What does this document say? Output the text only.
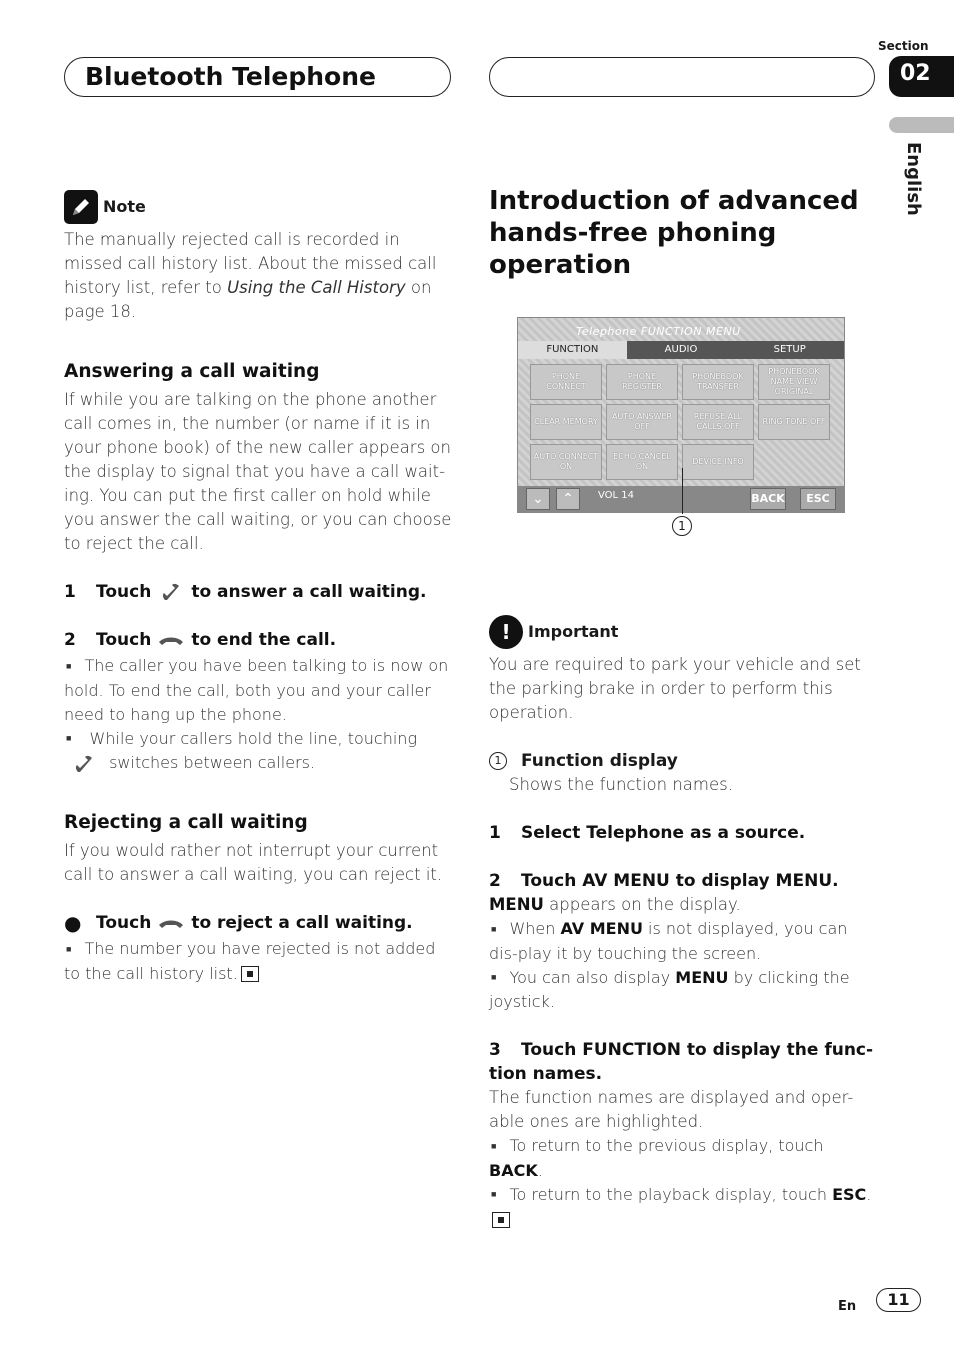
Bluetooth Telephone
Section
02
English
Note

The manually rejected call is recorded in missed call history list. About the missed call history list, refer to Using the Call History on page 18.

Answering a call waiting

If while you are talking on the phone another call comes in, the number (or name if it is in your phone book) of the new caller appears on the display to signal that you have a call wait-ing. You can put the first caller on hold while you answer the call waiting, or you can choose to reject the call.

1	Touch to answer a call waiting.
2	Touch to end the call.
■ The caller you have been talking to is now on hold. To end the call, both you and your caller need to hang up the phone.
■ While your callers hold the line, touching  switches between callers.
Rejecting a call waiting

If you would rather not interrupt your current call to answer a call waiting, you can reject it.

● Touch to reject a call waiting.
■ The number you have rejected is not added to the call history list.
Introduction of advanced hands-free phoning operation
Telephone FUNCTION MENU
FUNCTION	AUDIO	SETUP
PHONE CONNECT
PHONE REGISTER
PHONEBOOK TRANSFER
PHONEBOOK NAME VIEW ORIGINAL
CLEAR MEMORY
AUTO ANSWER OFF
REFUSE ALL CALLS OFF
RING TONE OFF
AUTO CONNECT ON
ECHO CANCEL ON
DEVICE INFO
⌄	⌃	VOL 14	BACK	ESC
!	Important

You are required to park your vehicle and set the parking brake in order to perform this operation.

1 Function display

Shows the function names.

1	Select Telephone as a source.
2	Touch AV MENU to display MENU.

MENU appears on the display.

■ When AV MENU is not displayed, you can dis-play it by touching the screen.
■ You can also display MENU by clicking the joystick.
3 Touch FUNCTION to display the func-tion names.

The function names are displayed and oper-able ones are highlighted.

■ To return to the previous display, touch BACK.
■ To return to the playback display, touch ESC.
1
En	11
